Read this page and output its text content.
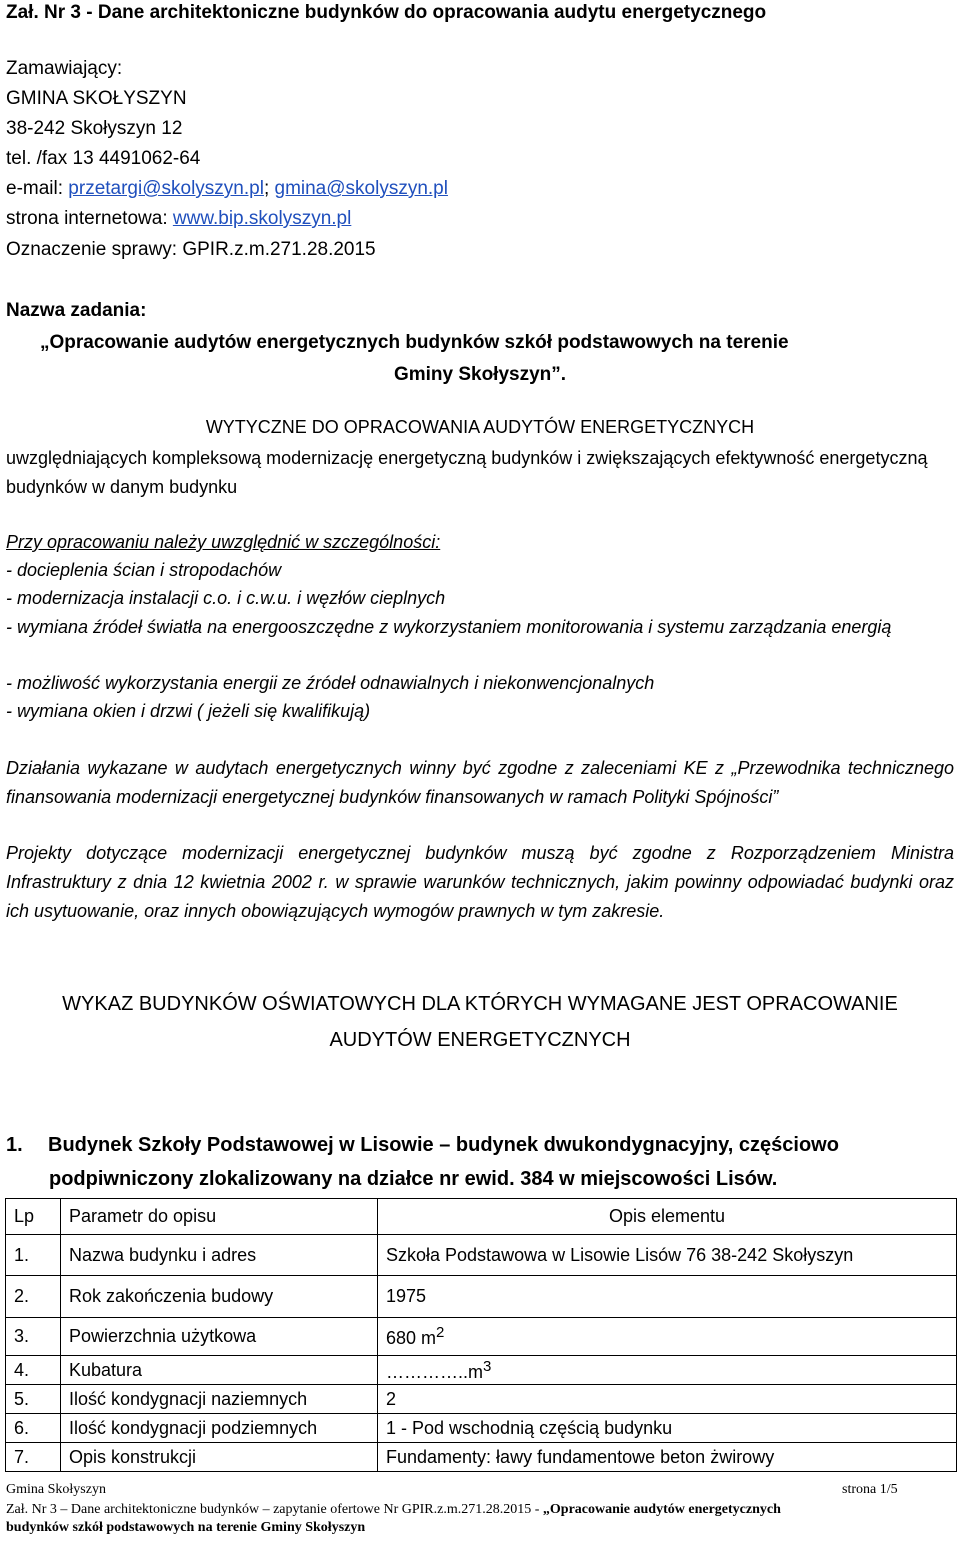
Zał. Nr 3 - Dane architektoniczne budynków do opracowania audytu energetycznego
Zamawiający:
GMINA SKOŁYSZYN
38-242 Skołyszyn 12
tel. /fax 13 4491062-64
e-mail: przetargi@skolyszyn.pl; gmina@skolyszyn.pl
strona internetowa: www.bip.skolyszyn.pl
Oznaczenie sprawy: GPIR.z.m.271.28.2015
Nazwa zadania:
„Opracowanie audytów energetycznych budynków szkół podstawowych na terenie
Gminy Skołyszyn”.
WYTYCZNE DO OPRACOWANIA AUDYTÓW ENERGETYCZNYCH
uwzględniających kompleksową modernizację energetyczną budynków i zwiększających efektywność energetyczną budynków w danym budynku
Przy opracowaniu należy uwzględnić w szczególności:
- docieplenia ścian i stropodachów
- modernizacja instalacji c.o. i c.w.u. i węzłów cieplnych
- wymiana źródeł światła na energooszczędne z wykorzystaniem monitorowania i systemu zarządzania energią
- możliwość wykorzystania energii ze źródeł odnawialnych i niekonwencjonalnych
- wymiana okien i drzwi ( jeżeli się kwalifikują)
Działania wykazane w audytach energetycznych winny być zgodne z zaleceniami KE z „Przewodnika technicznego finansowania modernizacji energetycznej budynków finansowanych w ramach Polityki Spójności”
Projekty dotyczące modernizacji energetycznej budynków muszą być zgodne z Rozporządzeniem Ministra Infrastruktury z dnia 12 kwietnia 2002 r. w sprawie warunków technicznych, jakim powinny odpowiadać budynki oraz ich usytuowanie, oraz innych obowiązujących wymogów prawnych w tym zakresie.
WYKAZ BUDYNKÓW OŚWIATOWYCH DLA KTÓRYCH WYMAGANE JEST OPRACOWANIE
AUDYTÓW ENERGETYCZNYCH
1. Budynek Szkoły Podstawowej w Lisowie – budynek dwukondygnacyjny, częściowo
podpiwniczony zlokalizowany na działce nr ewid. 384 w miejscowości Lisów.
Lp	Parametr do opisu	Opis elementu
1.	Nazwa budynku i adres	Szkoła Podstawowa w Lisowie Lisów 76 38-242 Skołyszyn
2.	Rok zakończenia budowy	1975
3.	Powierzchnia użytkowa	680 $m^2$
4.	Kubatura	$\dots\dots\dots\dots..m^3$
5.	Ilość kondygnacji naziemnych	2
6.	Ilość kondygnacji podziemnych	1 - Pod wschodnią częścią budynku
7.	Opis konstrukcji	Fundamenty: ławy fundamentowe beton żwirowy
Gmina Skołyszyn	strona 1/5
Zał. Nr 3 – Dane architektoniczne budynków – zapytanie ofertowe Nr GPIR.z.m.271.28.2015 - „Opracowanie audytów energetycznych
budynków szkół podstawowych na terenie Gminy Skołyszyn
